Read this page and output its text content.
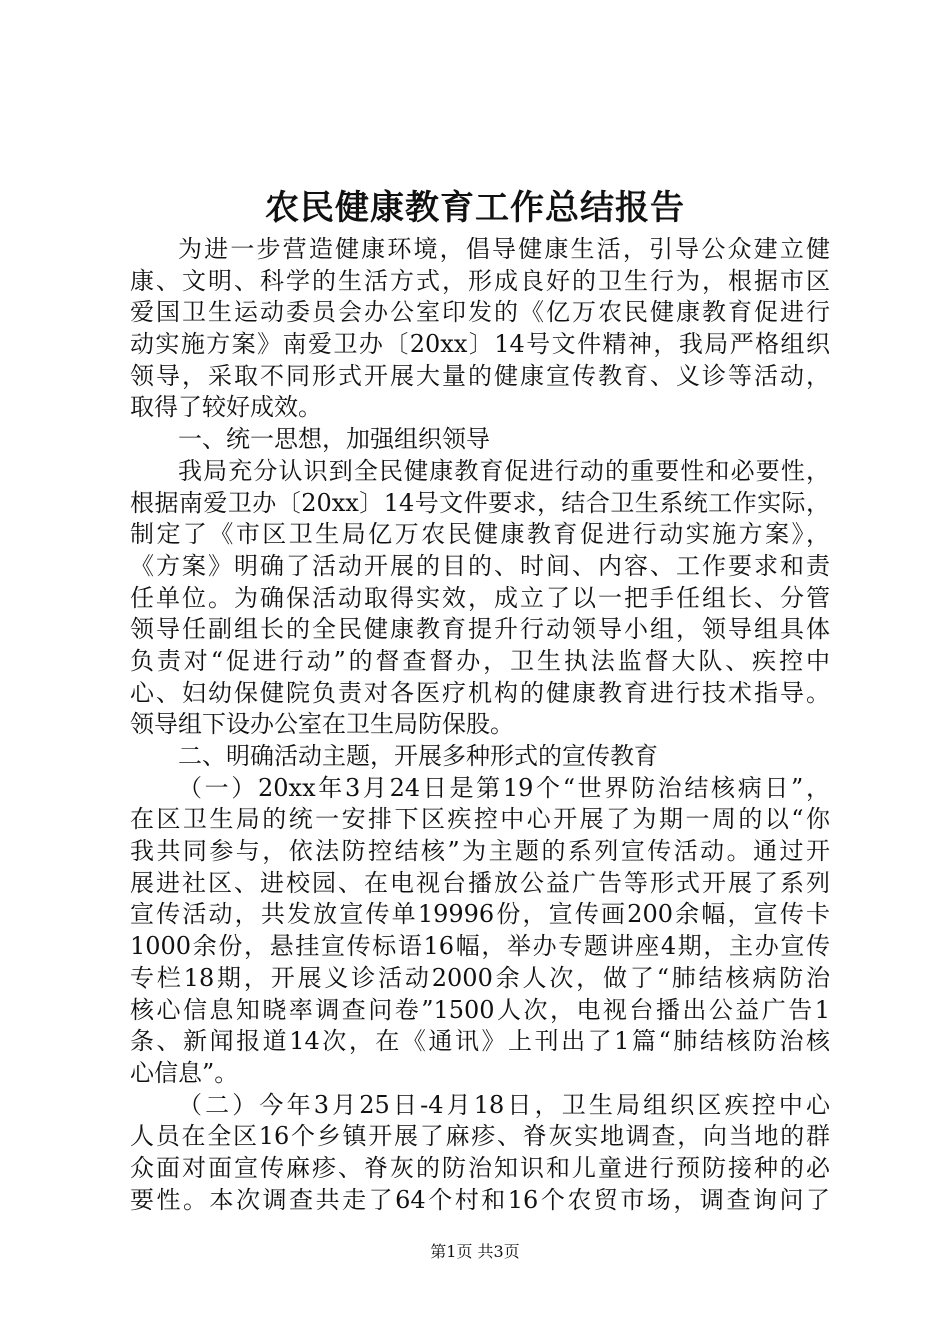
农民健康教育工作总结报告
为进一步营造健康环境，倡导健康生活，引导公众建立健
康、文明、科学的生活方式，形成良好的卫生行为，根据市区
爱国卫生运动委员会办公室印发的《亿万农民健康教育促进行
动实施方案》南爱卫办〔20xx〕14号文件精神，我局严格组织
领导，采取不同形式开展大量的健康宣传教育、义诊等活动，
取得了较好成效。
一、统一思想，加强组织领导
我局充分认识到全民健康教育促进行动的重要性和必要性，
根据南爱卫办〔20xx〕14号文件要求，结合卫生系统工作实际，
制定了《市区卫生局亿万农民健康教育促进行动实施方案》，
《方案》明确了活动开展的目的、时间、内容、工作要求和责
任单位。为确保活动取得实效，成立了以一把手任组长、分管
领导任副组长的全民健康教育提升行动领导小组，领导组具体
负责对“促进行动”的督查督办，卫生执法监督大队、疾控中
心、妇幼保健院负责对各医疗机构的健康教育进行技术指导。
领导组下设办公室在卫生局防保股。
二、明确活动主题，开展多种形式的宣传教育
（一）20xx年3月24日是第19个“世界防治结核病日”，
在区卫生局的统一安排下区疾控中心开展了为期一周的以“你
我共同参与，依法防控结核”为主题的系列宣传活动。通过开
展进社区、进校园、在电视台播放公益广告等形式开展了系列
宣传活动，共发放宣传单19996份，宣传画200余幅，宣传卡
1000余份，悬挂宣传标语16幅，举办专题讲座4期，主办宣传
专栏18期，开展义诊活动2000余人次，做了“肺结核病防治
核心信息知晓率调查问卷”1500人次，电视台播出公益广告1
条、新闻报道14次，在《通讯》上刊出了1篇“肺结核防治核
心信息”。
（二）今年3月25日-4月18日，卫生局组织区疾控中心
人员在全区16个乡镇开展了麻疹、脊灰实地调查，向当地的群
众面对面宣传麻疹、脊灰的防治知识和儿童进行预防接种的必
要性。本次调查共走了64个村和16个农贸市场，调查询问了
第1页 共3页
